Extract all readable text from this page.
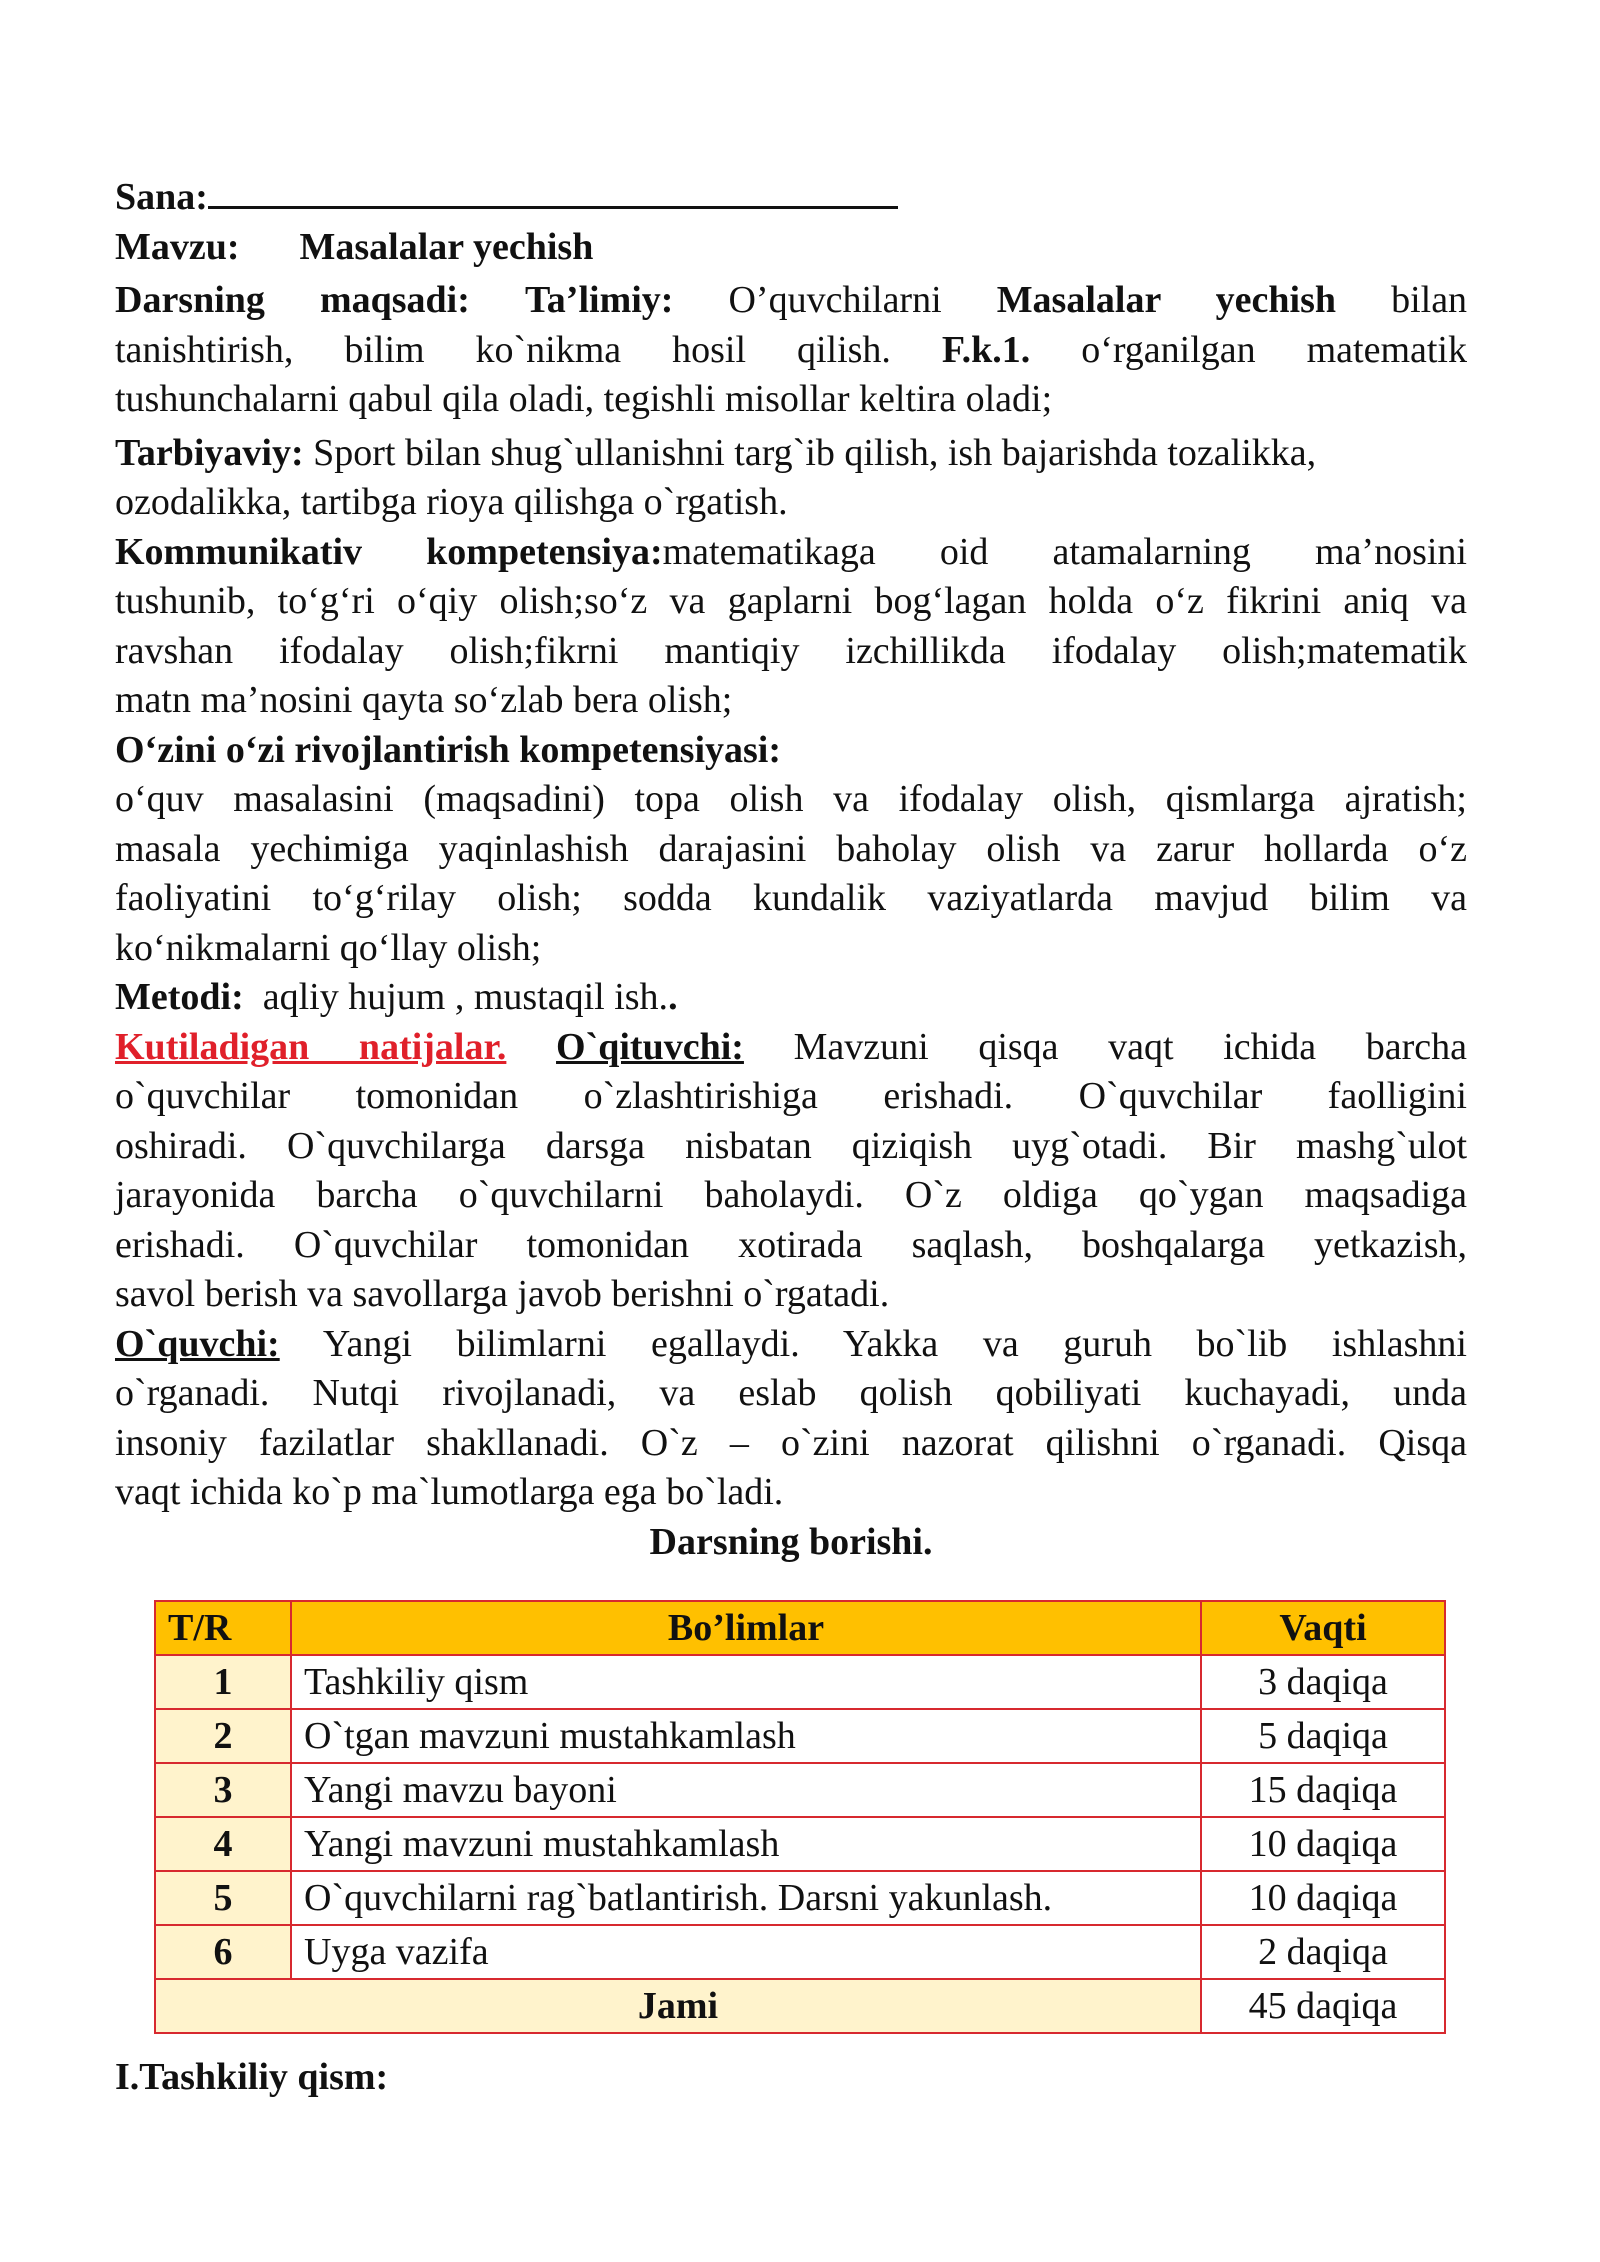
Sana:
Mavzu: Masalalar yechish
Darsning maqsadi: Ta’limiy: O’quvchilarni Masalalar yechish bilan
tanishtirish, bilim ko`nikma hosil qilish. F.k.1. o‘rganilgan matematik
tushunchalarni qabul qila oladi, tegishli misollar keltira oladi;
Tarbiyaviy: Sport bilan shug`ullanishni targ`ib qilish, ish bajarishda tozalikka,
ozodalikka, tartibga rioya qilishga o`rgatish.
Kommunikativ kompetensiya:matematikaga oid atamalarning ma’nosini
tushunib, to‘g‘ri o‘qiy olish;so‘z va gaplarni bog‘lagan holda o‘z fikrini aniq va
ravshan ifodalay olish;fikrni mantiqiy izchillikda ifodalay olish;matematik
matn ma’nosini qayta so‘zlab bera olish;
O‘zini o‘zi rivojlantirish kompetensiyasi:
o‘quv masalasini (maqsadini) topa olish va ifodalay olish, qismlarga ajratish;
masala yechimiga yaqinlashish darajasini baholay olish va zarur hollarda o‘z
faoliyatini to‘g‘rilay olish; sodda kundalik vaziyatlarda mavjud bilim va
ko‘nikmalarni qo‘llay olish;
Metodi: aqliy hujum , mustaqil ish..
Kutiladigan natijalar. O`qituvchi: Mavzuni qisqa vaqt ichida barcha
o`quvchilar tomonidan o`zlashtirishiga erishadi. O`quvchilar faolligini
oshiradi. O`quvchilarga darsga nisbatan qiziqish uyg`otadi. Bir mashg`ulot
jarayonida barcha o`quvchilarni baholaydi. O`z oldiga qo`ygan maqsadiga
erishadi. O`quvchilar tomonidan xotirada saqlash, boshqalarga yetkazish,
savol berish va savollarga javob berishni o`rgatadi.
O`quvchi: Yangi bilimlarni egallaydi. Yakka va guruh bo`lib ishlashni
o`rganadi. Nutqi rivojlanadi, va eslab qolish qobiliyati kuchayadi, unda
insoniy fazilatlar shakllanadi. O`z – o`zini nazorat qilishni o`rganadi. Qisqa
vaqt ichida ko`p ma`lumotlarga ega bo`ladi.
Darsning borishi.
T/R	Bo’limlar	Vaqti
1	Tashkiliy qism	3 daqiqa
2	O`tgan mavzuni mustahkamlash	5 daqiqa
3	Yangi mavzu bayoni	15 daqiqa
4	Yangi mavzuni mustahkamlash	10 daqiqa
5	O`quvchilarni rag`batlantirish. Darsni yakunlash.	10 daqiqa
6	Uyga vazifa	2 daqiqa
Jami		45 daqiqa
I.Tashkiliy qism:
